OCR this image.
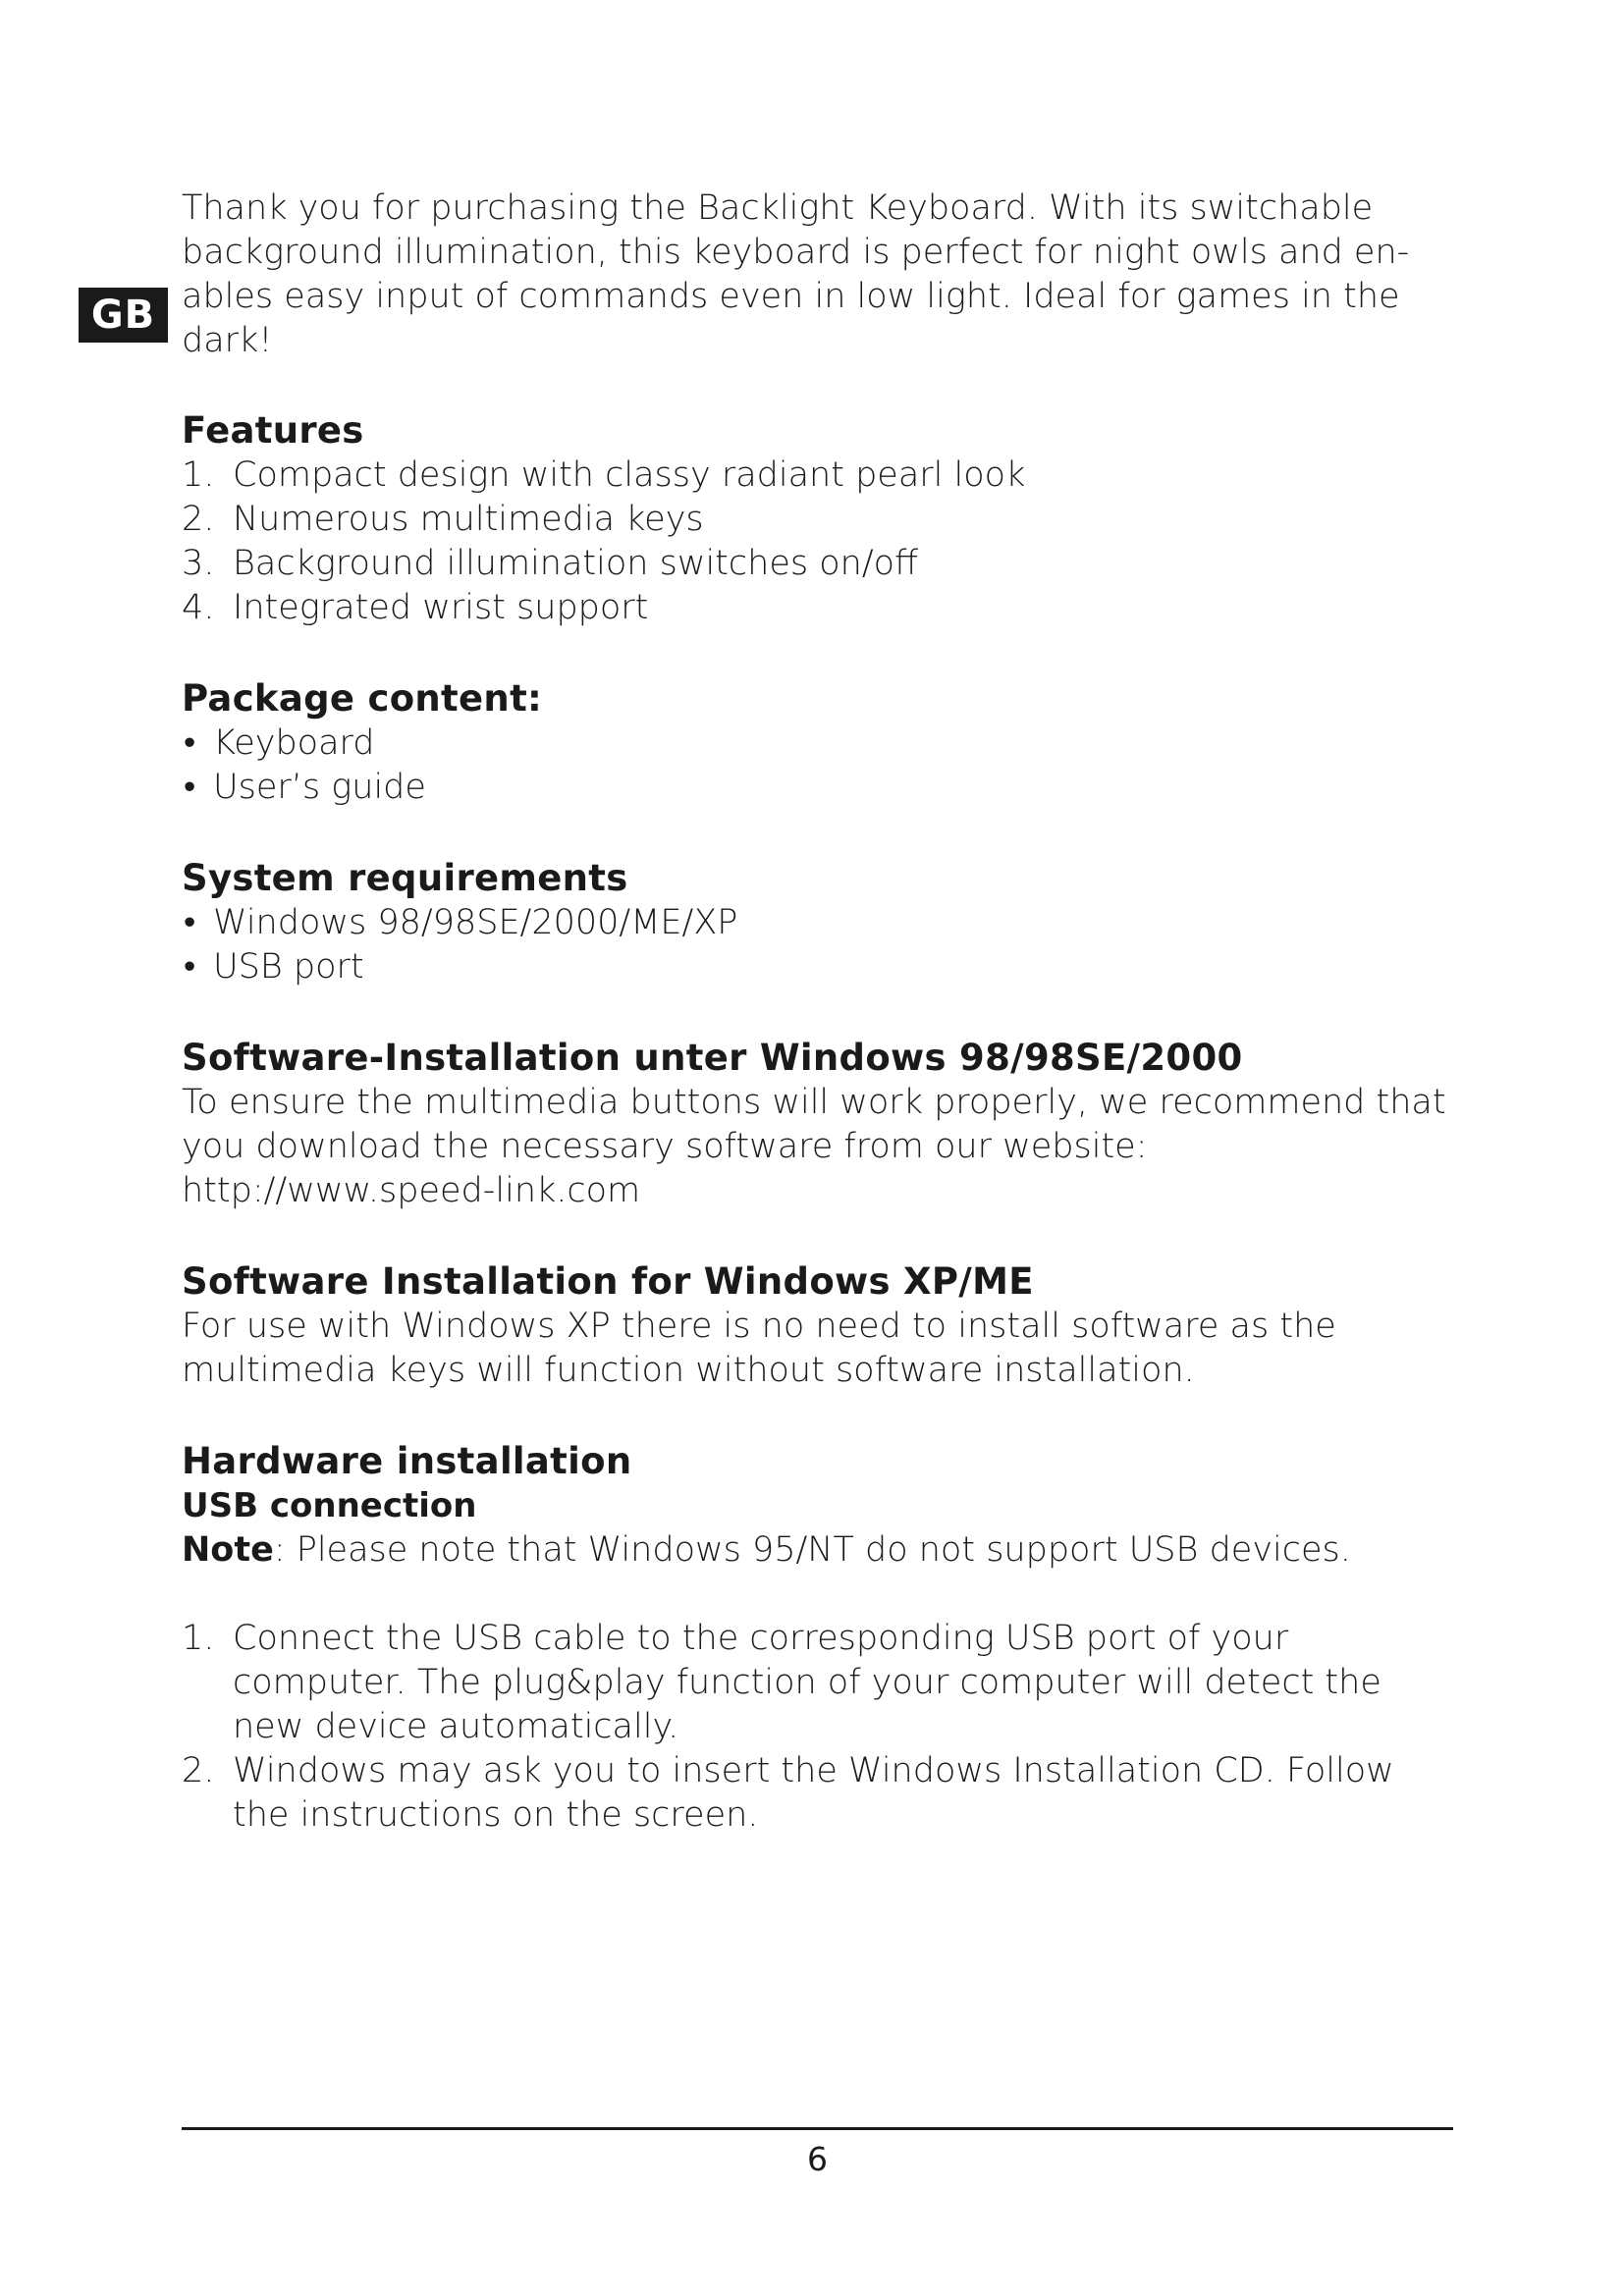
GB

Thank you for purchasing the Backlight Keyboard. With its switchable background illumination, this keyboard is perfect for night owls and en-ables easy input of commands even in low light. Ideal for games in the dark!

Features
1. Compact design with classy radiant pearl look
2. Numerous multimedia keys
3. Background illumination switches on/off
4. Integrated wrist support
Package content:
• Keyboard
• User’s guide
System requirements
• Windows 98/98SE/2000/ME/XP
• USB port
Software-Installation unter Windows 98/98SE/2000

To ensure the multimedia buttons will work properly, we recommend that you download the necessary software from our website:

http://www.speed-link.com

Software Installation for Windows XP/ME

For use with Windows XP there is no need to install software as the multimedia keys will function without software installation.

Hardware installation
USB connection

Note: Please note that Windows 95/NT do not support USB devices.

1. Connect the USB cable to the corresponding USB port of your computer. The plug&play function of your computer will detect the new device automatically.
2. Windows may ask you to insert the Windows Installation CD. Follow the instructions on the screen.
6
